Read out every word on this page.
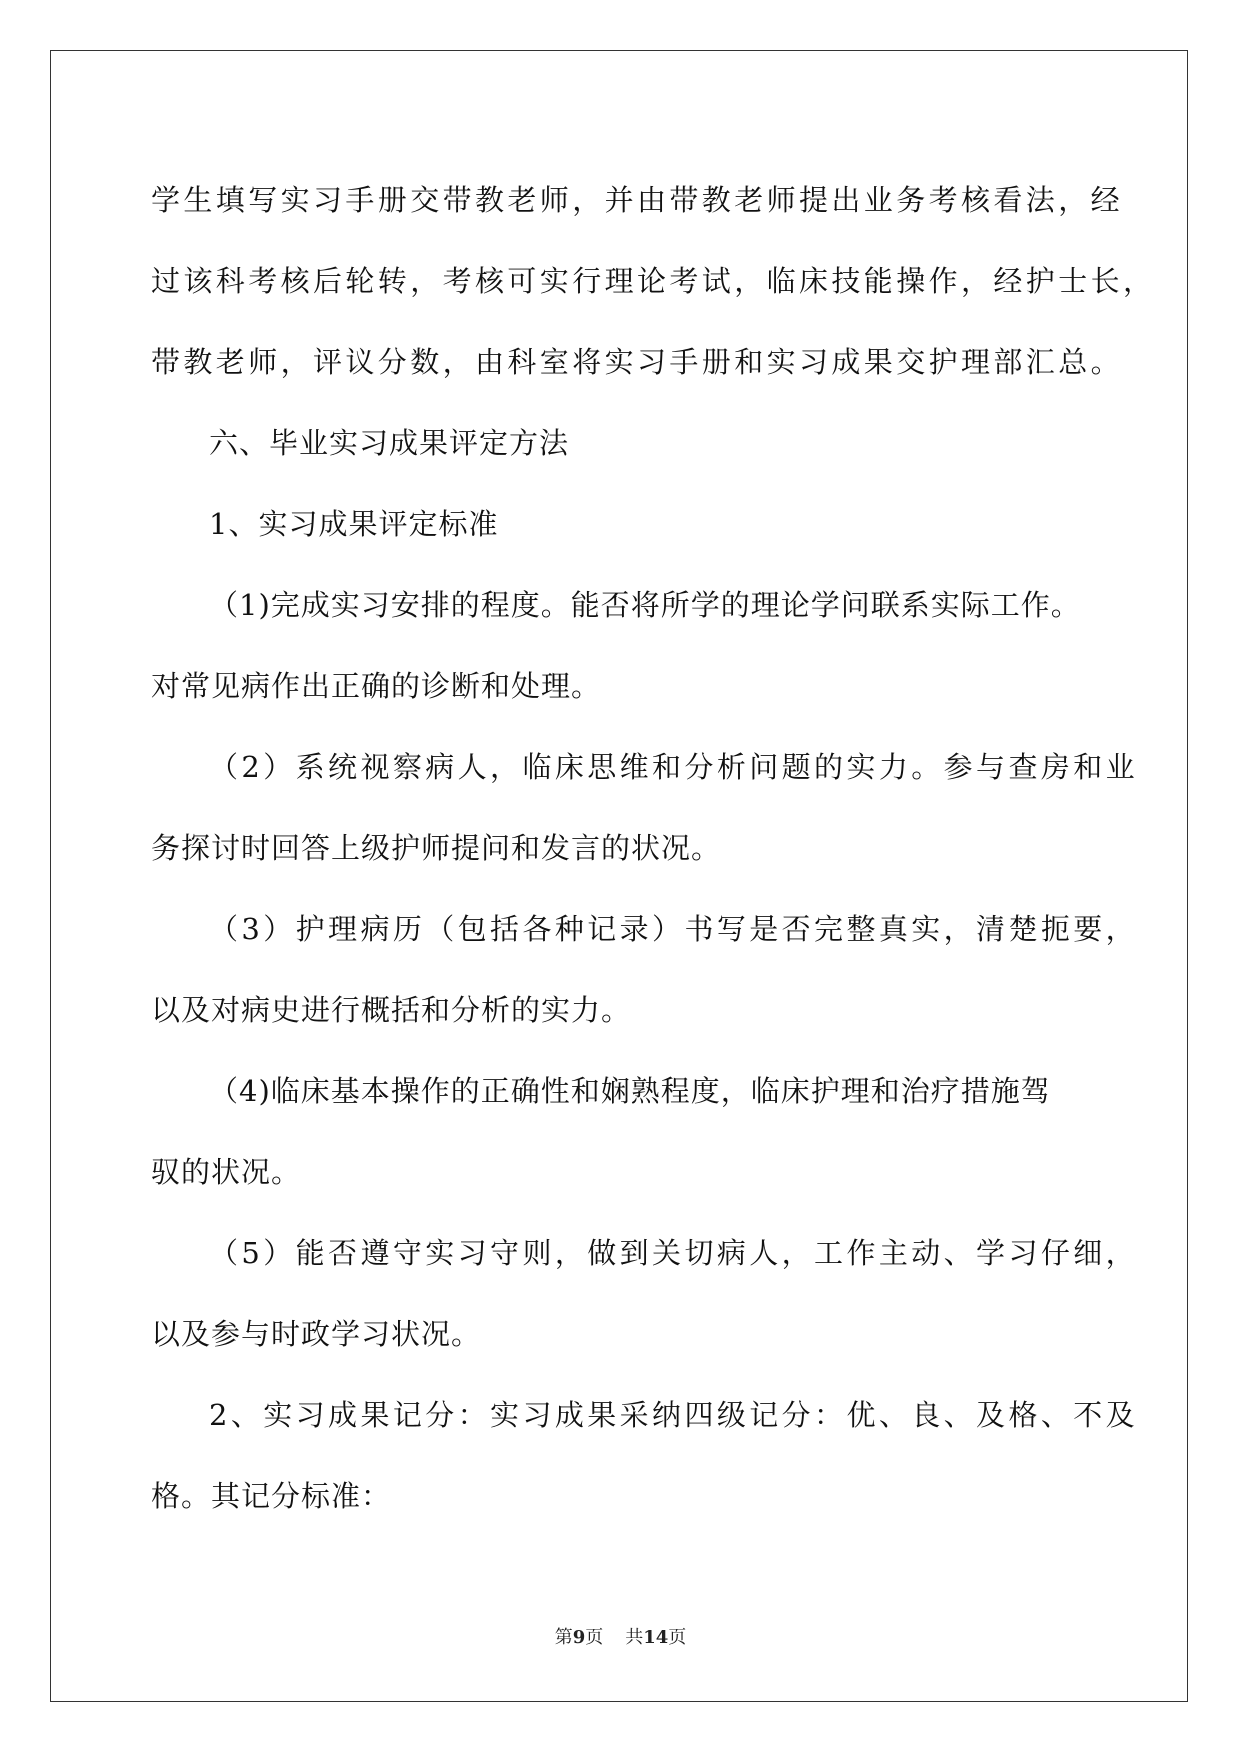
学生填写实习手册交带教老师，并由带教老师提出业务考核看法，经

过该科考核后轮转，考核可实行理论考试，临床技能操作，经护士长，

带教老师，评议分数，由科室将实习手册和实习成果交护理部汇总。

六、毕业实习成果评定方法

1、实习成果评定标准

（1)完成实习安排的程度。能否将所学的理论学问联系实际工作。

对常见病作出正确的诊断和处理。

（2）系统视察病人，临床思维和分析问题的实力。参与查房和业

务探讨时回答上级护师提问和发言的状况。

（3）护理病历（包括各种记录）书写是否完整真实，清楚扼要，

以及对病史进行概括和分析的实力。

（4)临床基本操作的正确性和娴熟程度，临床护理和治疗措施驾

驭的状况。

（5）能否遵守实习守则，做到关切病人，工作主动、学习仔细，

以及参与时政学习状况。

2、实习成果记分：实习成果采纳四级记分：优、良、及格、不及

格。其记分标准：

第9页 共14页
